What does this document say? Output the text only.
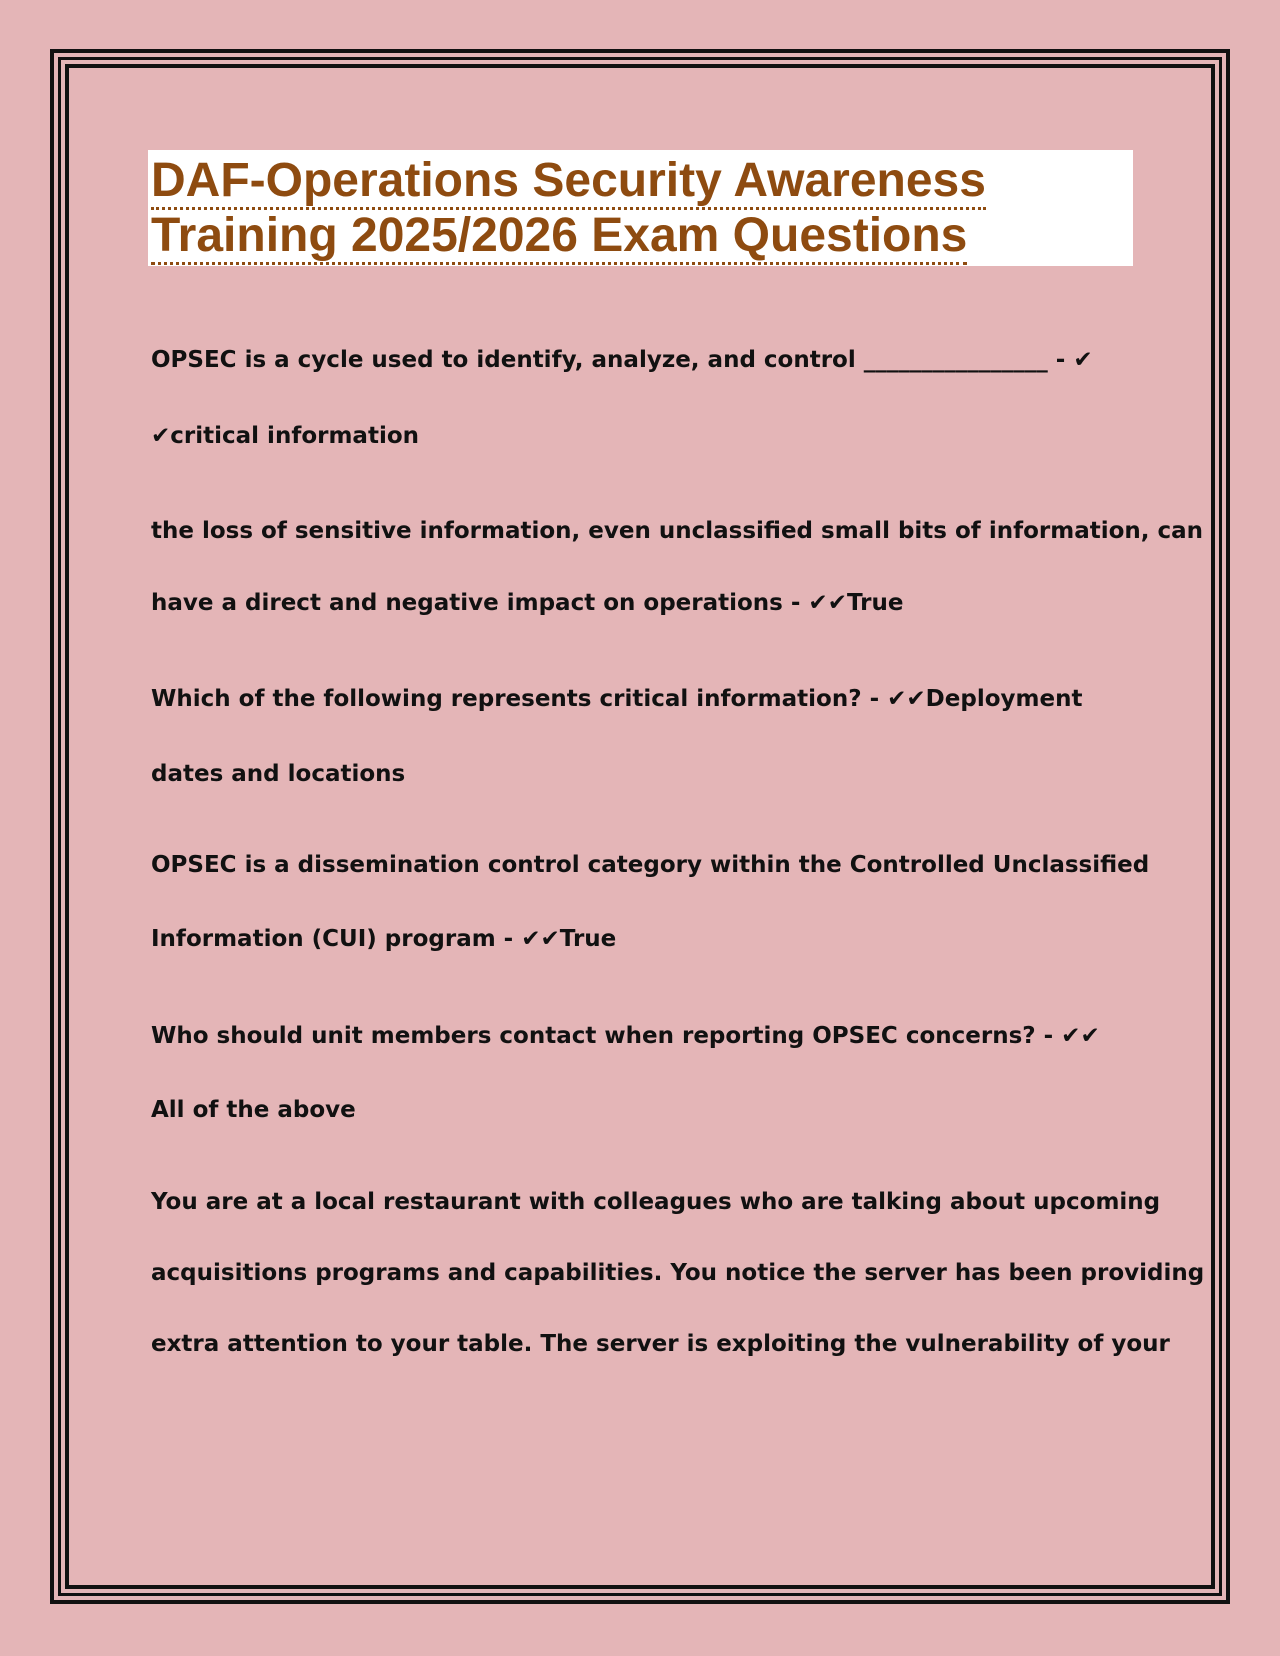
DAF-Operations Security Awareness
Training 2025/2026 Exam Questions
OPSEC is a cycle used to identify, analyze, and control ________________ - ✔
✔critical information
the loss of sensitive information, even unclassified small bits of information, can
have a direct and negative impact on operations - ✔✔True
Which of the following represents critical information? - ✔✔Deployment
dates and locations
OPSEC is a dissemination control category within the Controlled Unclassified
Information (CUI) program - ✔✔True
Who should unit members contact when reporting OPSEC concerns? - ✔✔
All of the above
You are at a local restaurant with colleagues who are talking about upcoming
acquisitions programs and capabilities. You notice the server has been providing
extra attention to your table. The server is exploiting the vulnerability of your
